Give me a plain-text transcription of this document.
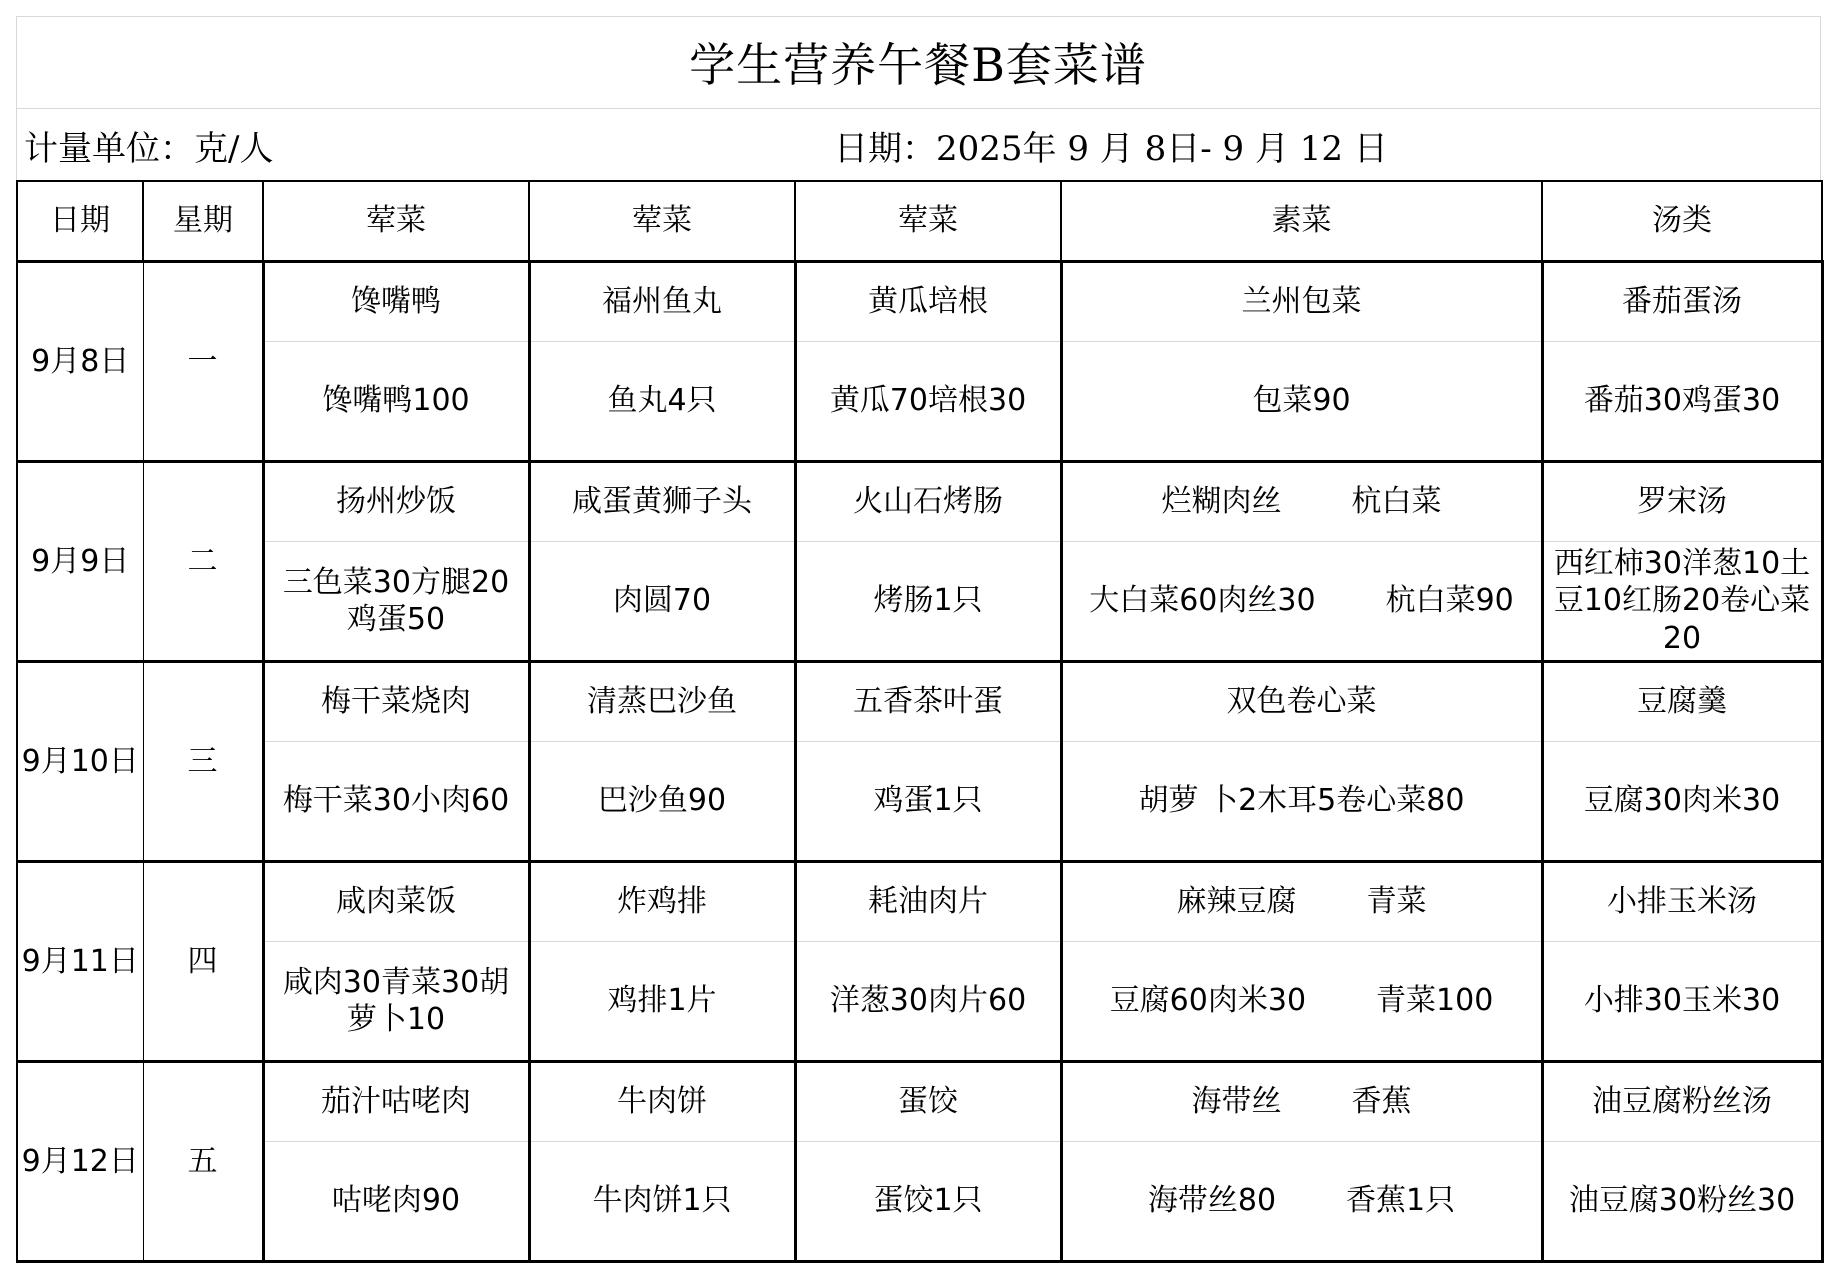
学生营养午餐B套菜谱
计量单位：克/人	日期：2025年 9 月 8日- 9 月 12 日
日期	星期	荤菜	荤菜	荤菜	素菜	汤类
9月8日	一	馋嘴鸭	福州鱼丸	黄瓜培根	兰州包菜	番茄蛋汤
		馋嘴鸭100	鱼丸4只	黄瓜70培根30	包菜90	番茄30鸡蛋30
9月9日	二	扬州炒饭	咸蛋黄狮子头	火山石烤肠	烂糊肉丝 杭白菜	罗宋汤

		三色菜30方腿20鸡蛋50	肉圆70	烤肠1只	大白菜60肉丝30 杭白菜90	西红柿30洋葱10土豆10红肠20卷心菜20

9月10日	三	梅干菜烧肉	清蒸巴沙鱼	五香茶叶蛋	双色卷心菜	豆腐羹
		梅干菜30小肉60	巴沙鱼90	鸡蛋1只	胡萝 卜2木耳5卷心菜80	豆腐30肉米30
9月11日	四	咸肉菜饭	炸鸡排	耗油肉片	麻辣豆腐 青菜	小排玉米汤

		咸肉30青菜30胡萝卜10	鸡排1片	洋葱30肉片60	豆腐60肉米30 青菜100	小排30玉米30
9月12日	五	茄汁咕咾肉	牛肉饼	蛋饺	海带丝 香蕉	油豆腐粉丝汤
		咕咾肉90	牛肉饼1只	蛋饺1只	海带丝80 香蕉1只	油豆腐30粉丝30
